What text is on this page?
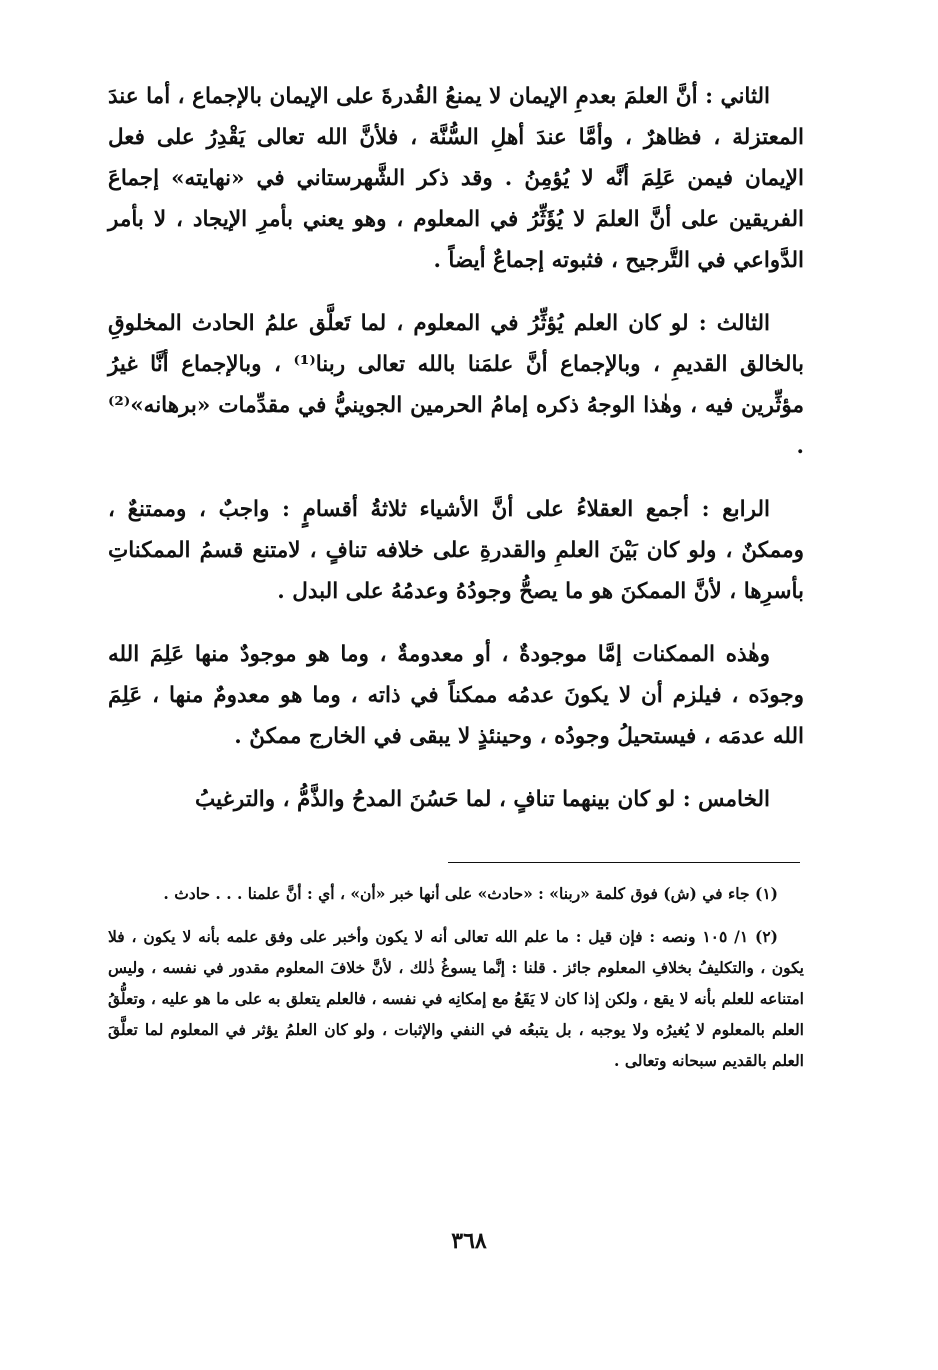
الثاني : أنَّ العلمَ بعدمِ الإيمان لا يمنعُ القُدرةَ على الإيمان بالإجماع ، أما عندَ المعتزلة ، فظاهرٌ ، وأمَّا عندَ أهلِ السُّنَّة ، فلأنَّ الله تعالى يَقْدِرُ على فعل الإيمان فيمن عَلِمَ أنَّه لا يُؤمِنُ . وقد ذكر الشَّهرستاني في «نهايته» إجماعَ الفريقين على أنَّ العلمَ لا يُؤَثِّرُ في المعلوم ، وهو يعني بأمرِ الإيجاد ، لا بأمر الدَّواعي في التَّرجيح ، فثبوته إجماعٌ أيضاً .

الثالث : لو كان العلم يُؤثِّرُ في المعلوم ، لما تَعلَّق علمُ الحادث المخلوقِ بالخالق القديمِ ، وبالإجماع أنَّ علمَنا بالله تعالى ربنا⁽¹⁾ ، وبالإجماع أنَّا غيرُ مؤثِّرين فيه ، وهٰذا الوجهُ ذكره إمامُ الحرمين الجوينيُّ في مقدِّمات «برهانه»⁽²⁾ .

الرابع : أجمع العقلاءُ على أنَّ الأشياء ثلاثةُ أقسامٍ : واجبٌ ، وممتنعٌ ، وممكنٌ ، ولو كان بَيْنَ العلمِ والقدرةِ على خلافه تنافٍ ، لامتنع قسمُ الممكناتِ بأسرِها ، لأنَّ الممكنَ هو ما يصحُّ وجودُهُ وعدمُهُ على البدل .

وهٰذه الممكنات إمَّا موجودةٌ ، أو معدومةٌ ، وما هو موجودٌ منها عَلِمَ الله وجودَه ، فيلزم أن لا يكونَ عدمُه ممكناً في ذاته ، وما هو معدومٌ منها ، عَلِمَ الله عدمَه ، فيستحيلُ وجودُه ، وحينئذٍ لا يبقى في الخارج ممكنٌ .

الخامس : لو كان بينهما تنافٍ ، لما حَسُنَ المدحُ والذَّمُّ ، والترغيبُ

(١) جاء في (ش) فوق كلمة «ربنا» : «حادث» على أنها خبر «أن» ، أي : أنَّ علمنا . . . حادث .

(٢) ١/ ١٠٥ ونصه : فإن قيل : ما علم الله تعالى أنه لا يكون وأخبر على وفق علمه بأنه لا يكون ، فلا يكون ، والتكليفُ بخلافِ المعلوم جائز . قلنا : إنَّما يسوغُ ذٰلك ، لأنَّ خلافَ المعلوم مقدور في نفسه ، وليس امتناعه للعلم بأنه لا يقع ، ولكن إذا كان لا يَقَعُ مع إمكانِه في نفسه ، فالعلم يتعلق به على ما هو عليه ، وتعلُّقُ العلم بالمعلوم لا يُغيرُه ولا يوجبه ، بل يتبعُه في النفي والإثبات ، ولو كان العلمُ يؤثر في المعلوم لما تعلَّقَ العلم بالقديم سبحانه وتعالى .

٣٦٨
